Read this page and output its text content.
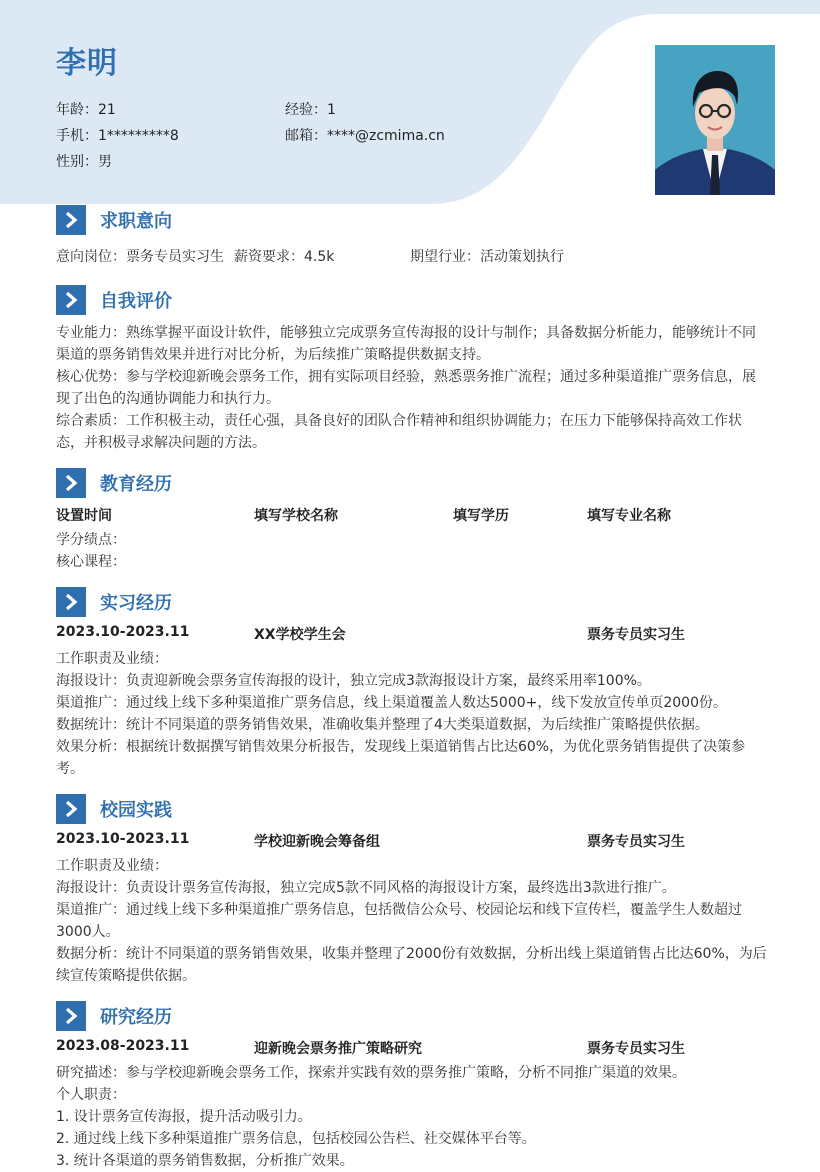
李明
年龄：21	经验：1
手机：1*********8	邮箱：****@zcmima.cn
性别：男
求职意向
意向岗位：票务专员实习生 薪资要求：4.5k	期望行业：活动策划执行
自我评价
专业能力：熟练掌握平面设计软件，能够独立完成票务宣传海报的设计与制作；具备数据分析能力，能够统计不同渠道的票务销售效果并进行对比分析，为后续推广策略提供数据支持。
核心优势：参与学校迎新晚会票务工作，拥有实际项目经验，熟悉票务推广流程；通过多种渠道推广票务信息，展现了出色的沟通协调能力和执行力。
综合素质：工作积极主动，责任心强，具备良好的团队合作精神和组织协调能力；在压力下能够保持高效工作状态，并积极寻求解决问题的方法。
教育经历
设置时间	填写学校名称	填写学历	填写专业名称
学分绩点：
核心课程：
实习经历
2023.10-2023.11	XX学校学生会	票务专员实习生
工作职责及业绩：
海报设计：负责迎新晚会票务宣传海报的设计，独立完成3款海报设计方案，最终采用率100%。
渠道推广：通过线上线下多种渠道推广票务信息，线上渠道覆盖人数达5000+，线下发放宣传单页2000份。
数据统计：统计不同渠道的票务销售效果，准确收集并整理了4大类渠道数据，为后续推广策略提供依据。
效果分析：根据统计数据撰写销售效果分析报告，发现线上渠道销售占比达60%，为优化票务销售提供了决策参考。
校园实践
2023.10-2023.11	学校迎新晚会筹备组	票务专员实习生
工作职责及业绩：
海报设计：负责设计票务宣传海报，独立完成5款不同风格的海报设计方案，最终选出3款进行推广。
渠道推广：通过线上线下多种渠道推广票务信息，包括微信公众号、校园论坛和线下宣传栏，覆盖学生人数超过3000人。
数据分析：统计不同渠道的票务销售效果，收集并整理了2000份有效数据，分析出线上渠道销售占比达60%，为后续宣传策略提供依据。
研究经历
2023.08-2023.11	迎新晚会票务推广策略研究	票务专员实习生
研究描述：参与学校迎新晚会票务工作，探索并实践有效的票务推广策略，分析不同推广渠道的效果。
个人职责：
1. 设计票务宣传海报，提升活动吸引力。
2. 通过线上线下多种渠道推广票务信息，包括校园公告栏、社交媒体平台等。
3. 统计各渠道的票务销售数据，分析推广效果。
